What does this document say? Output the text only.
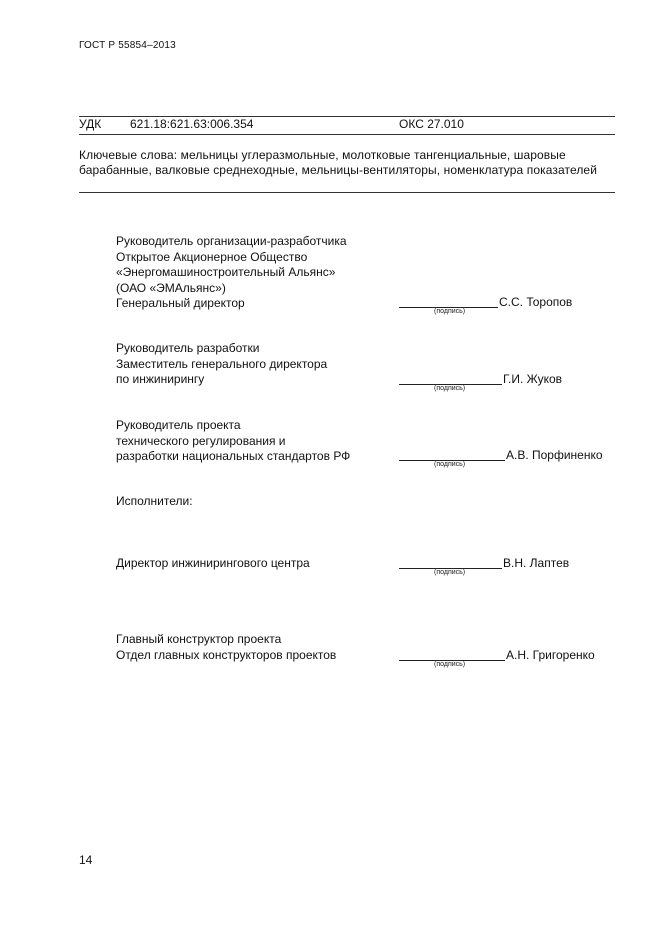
ГОСТ Р 55854–2013
УДК 621.18:621.63:006.354	ОКС 27.010
Ключевые слова: мельницы углеразмольные, молотковые тангенциальные, шаровые барабанные, валковые среднеходные, мельницы-вентиляторы, номенклатура показателей
Руководитель организации-разработчика
Открытое Акционерное Общество
«Энергомашиностроительный Альянс»
(ОАО «ЭМАльянс»)
Генеральный директор
(подпись)
С.С. Торопов
Руководитель разработки
Заместитель генерального директора
по инжинирингу
(подпись)
Г.И. Жуков
Руководитель проекта
технического регулирования и
разработки национальных стандартов РФ
(подпись)
А.В. Порфиненко
Исполнители:
Директор инжинирингового центра
(подпись)
В.Н. Лаптев
Главный конструктор проекта
Отдел главных конструкторов проектов
(подпись)
А.Н. Григоренко
14
